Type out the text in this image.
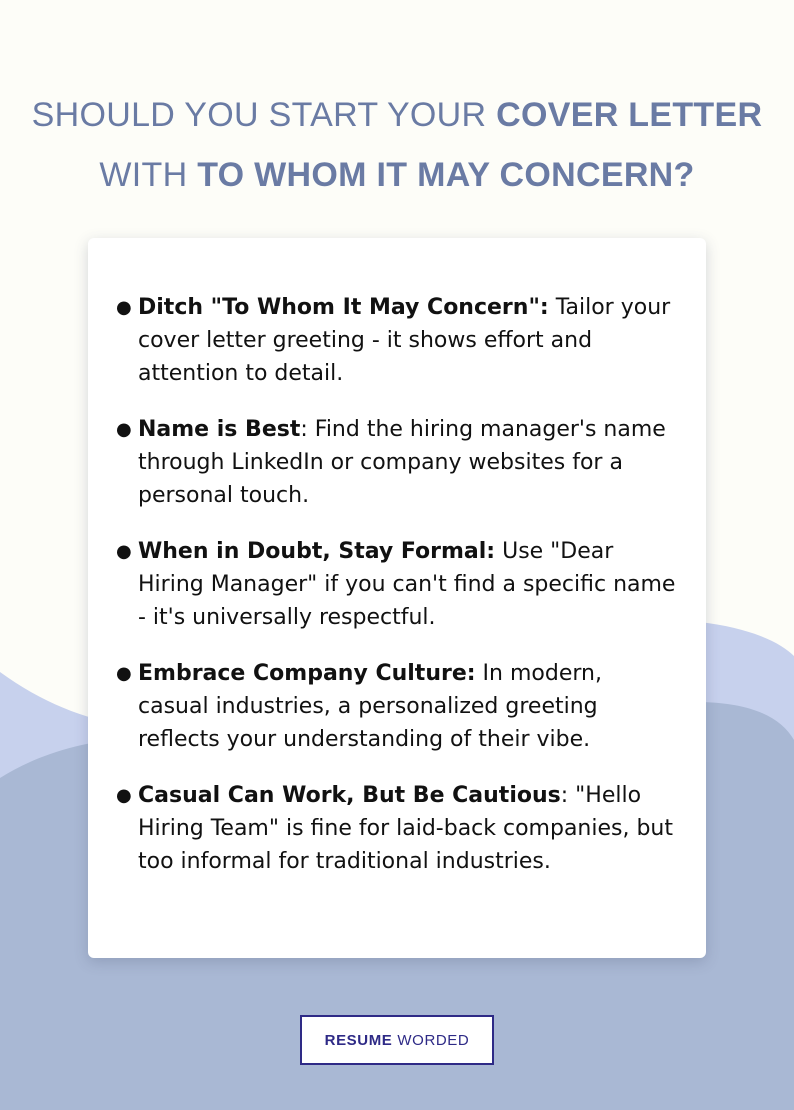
SHOULD YOU START YOUR COVER LETTER
WITH TO WHOM IT MAY CONCERN?
● Ditch "To Whom It May Concern": Tailor your cover letter greeting - it shows effort and attention to detail.
● Name is Best: Find the hiring manager's name through LinkedIn or company websites for a personal touch.
● When in Doubt, Stay Formal: Use "Dear Hiring Manager" if you can't find a specific name - it's universally respectful.
● Embrace Company Culture: In modern, casual industries, a personalized greeting reflects your understanding of their vibe.
● Casual Can Work, But Be Cautious: "Hello Hiring Team" is fine for laid-back companies, but too informal for traditional industries.
RESUME WORDED
